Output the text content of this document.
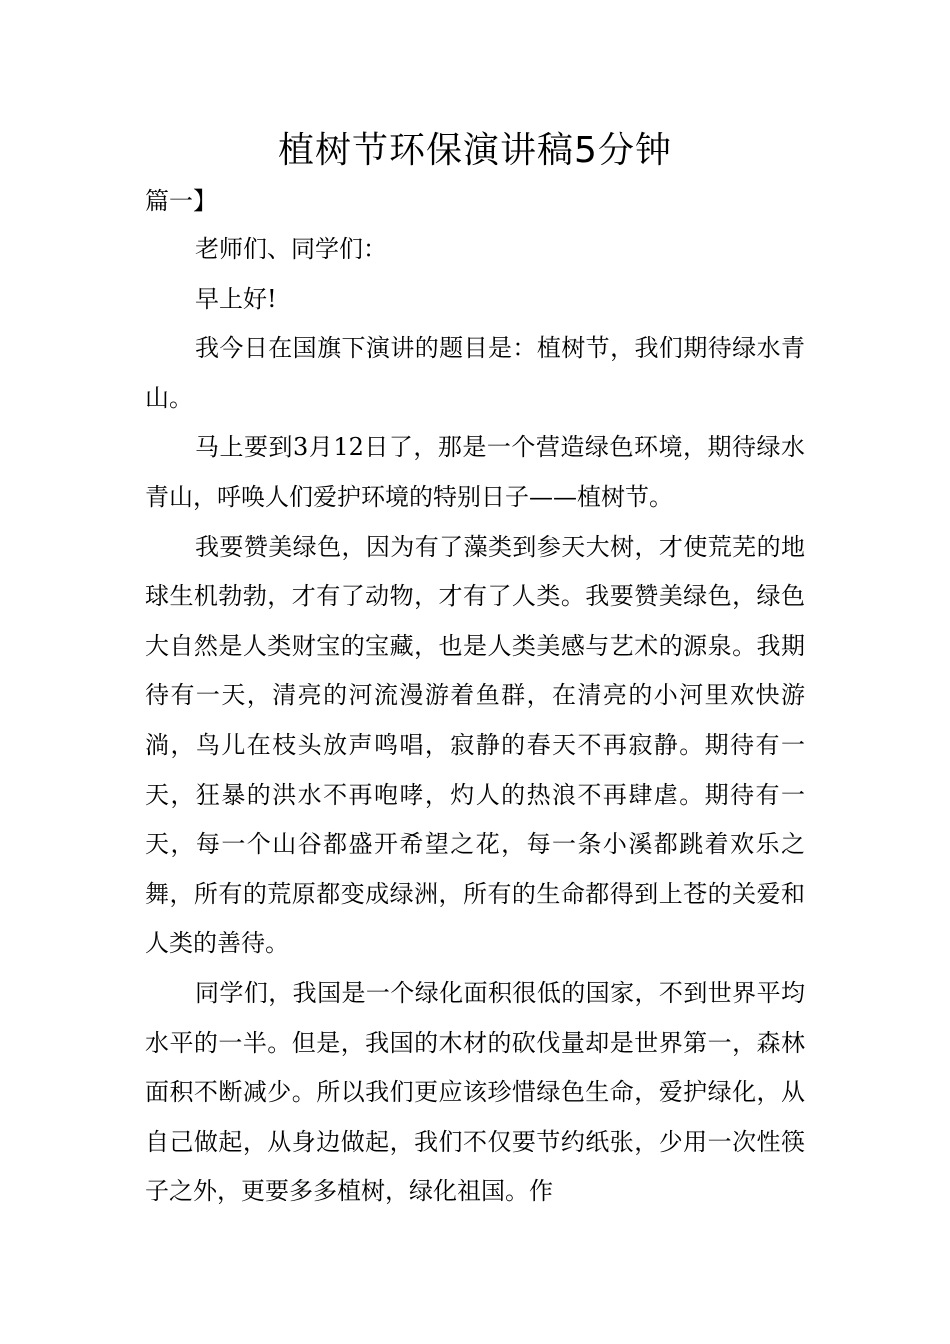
植树节环保演讲稿5分钟
篇一】

老师们、同学们：

早上好!

我今日在国旗下演讲的题目是：植树节，我们期待绿水青山。

马上要到3月12日了，那是一个营造绿色环境，期待绿水青山，呼唤人们爱护环境的特别日子——植树节。

我要赞美绿色，因为有了藻类到参天大树，才使荒芜的地球生机勃勃，才有了动物，才有了人类。我要赞美绿色，绿色大自然是人类财宝的宝藏，也是人类美感与艺术的源泉。我期待有一天，清亮的河流漫游着鱼群，在清亮的小河里欢快游淌，鸟儿在枝头放声鸣唱，寂静的春天不再寂静。期待有一天，狂暴的洪水不再咆哮，灼人的热浪不再肆虐。期待有一天，每一个山谷都盛开希望之花，每一条小溪都跳着欢乐之舞，所有的荒原都变成绿洲，所有的生命都得到上苍的关爱和人类的善待。

同学们，我国是一个绿化面积很低的国家，不到世界平均水平的一半。但是，我国的木材的砍伐量却是世界第一，森林面积不断减少。所以我们更应该珍惜绿色生命，爱护绿化，从自己做起，从身边做起，我们不仅要节约纸张，少用一次性筷子之外，更要多多植树，绿化祖国。作
